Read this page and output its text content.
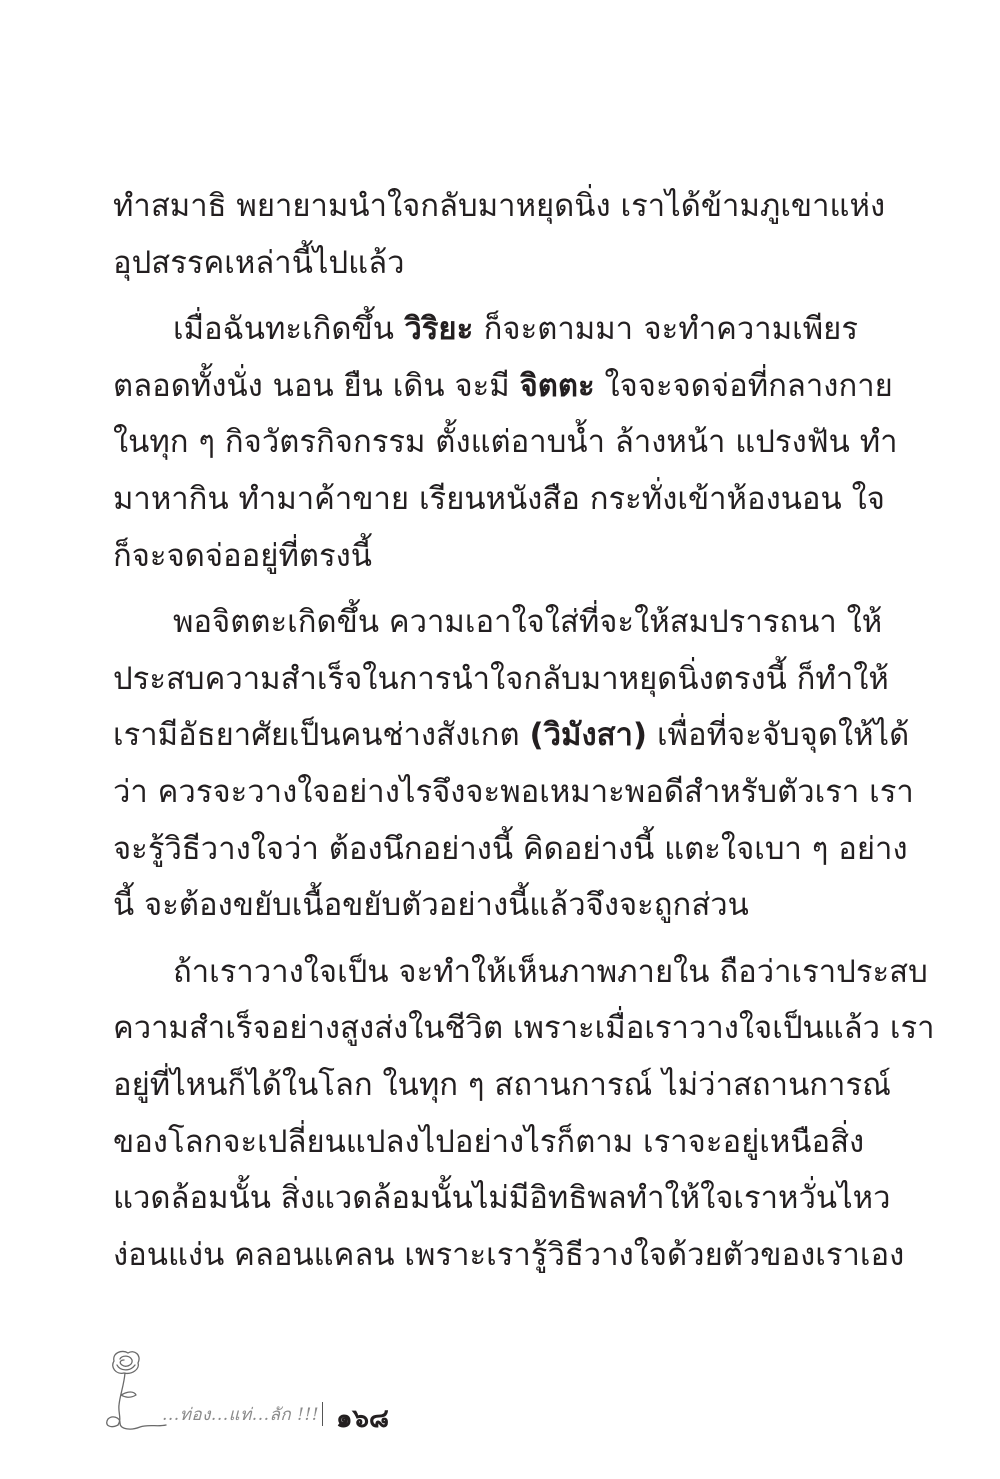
ทำสมาธิ พยายามนำใจกลับมาหยุดนิ่ง เราได้ข้ามภูเขาแห่ง
อุปสรรคเหล่านี้ไปแล้ว
เมื่อฉันทะเกิดขึ้น วิริยะ ก็จะตามมา จะทำความเพียร
ตลอดทั้งนั่ง นอน ยืน เดิน จะมี จิตตะ ใจจะจดจ่อที่กลางกาย
ในทุก ๆ กิจวัตรกิจกรรม ตั้งแต่อาบน้ำ ล้างหน้า แปรงฟัน ทำ
มาหากิน ทำมาค้าขาย เรียนหนังสือ กระทั่งเข้าห้องนอน ใจ
ก็จะจดจ่ออยู่ที่ตรงนี้
พอจิตตะเกิดขึ้น ความเอาใจใส่ที่จะให้สมปรารถนา ให้
ประสบความสำเร็จในการนำใจกลับมาหยุดนิ่งตรงนี้ ก็ทำให้
เรามีอัธยาศัยเป็นคนช่างสังเกต (วิมังสา) เพื่อที่จะจับจุดให้ได้
ว่า ควรจะวางใจอย่างไรจึงจะพอเหมาะพอดีสำหรับตัวเรา เรา
จะรู้วิธีวางใจว่า ต้องนึกอย่างนี้ คิดอย่างนี้ แตะใจเบา ๆ อย่าง
นี้ จะต้องขยับเนื้อขยับตัวอย่างนี้แล้วจึงจะถูกส่วน
ถ้าเราวางใจเป็น จะทำให้เห็นภาพภายใน ถือว่าเราประสบ
ความสำเร็จอย่างสูงส่งในชีวิต เพราะเมื่อเราวางใจเป็นแล้ว เรา
อยู่ที่ไหนก็ได้ในโลก ในทุก ๆ สถานการณ์ ไม่ว่าสถานการณ์
ของโลกจะเปลี่ยนแปลงไปอย่างไรก็ตาม เราจะอยู่เหนือสิ่ง
แวดล้อมนั้น สิ่งแวดล้อมนั้นไม่มีอิทธิพลทำให้ใจเราหวั่นไหว
ง่อนแง่น คลอนแคลน เพราะเรารู้วิธีวางใจด้วยตัวของเราเอง
...ท่อง...แท่...ลัก !!! ๑๖๘
